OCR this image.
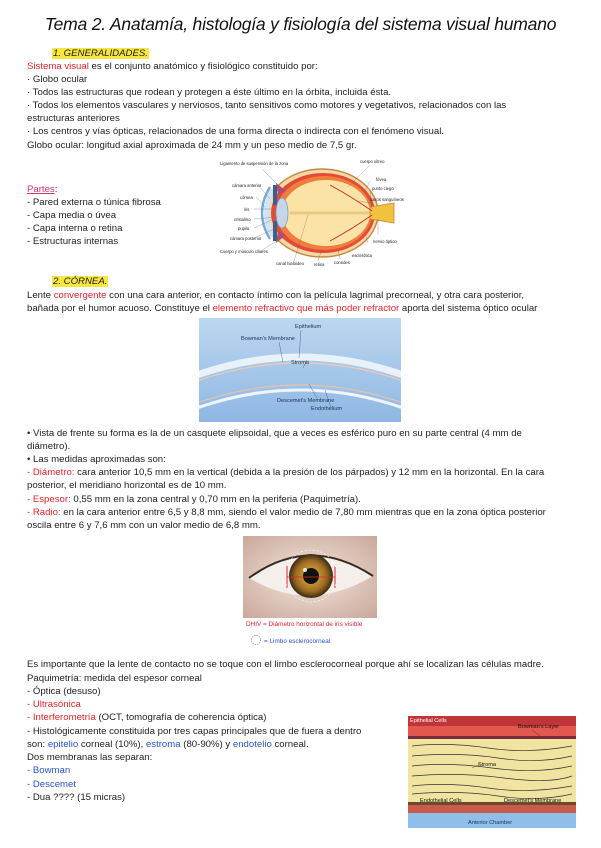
Tema 2. Anatamía, histología y fisiología del sistema visual humano
1. GENERALIDADES.
Sistema visual es el conjunto anatómico y fisiológico constituido por:
· Globo ocular
· Todos las estructuras que rodean y protegen a éste último en la órbita, incluida ésta.
· Todos los elementos vasculares y nerviosos, tanto sensitivos como motores y vegetativos, relacionados con las
estructuras anteriores
· Los centros y vías ópticas, relacionados de una forma directa o indirecta con el fenómeno visual.
Globo ocular: longitud axial aproximada de 24 mm y un peso medio de 7,5 gr.
Partes:
- Pared externa o túnica fibrosa
- Capa media o úvea
- Capa interna o retina
- Estructuras internas
Ligamento de suspensión de la zona
cámara anterior
córnea
iris
cristalino
pupila
cámara posterior
Cuerpo y músculo ciliares
canal hialoideo retina coroides
esclerótica
nervio óptico
cuerpo vítreo
fóvea
punto ciego
vasos sanguíneos
2. CÓRNEA.
Lente convergente con una cara anterior, en contacto íntimo con la película lagrimal precorneal, y otra cara posterior,
bañada por el humor acuoso. Constituye el elemento refractivo que más poder refractor aporta del sistema óptico ocular
Epithelium
Bowman's Membrane
Stroma
Descemet's Membrane
Endothelium
• Vista de frente su forma es la de un casquete elipsoidal, que a veces es esférico puro en su parte central (4 mm de
diámetro).
• Las medidas aproximadas son:
- Diámetro: cara anterior 10,5 mm en la vertical (debida a la presión de los párpados) y 12 mm en la horizontal. En la cara
posterior, el meridiano horizontal es de 10 mm.
- Espesor: 0,55 mm en la zona central y 0,70 mm en la periferia (Paquimetría).
- Radio: en la cara anterior entre 6,5 y 8,8 mm, siendo el valor medio de 7,80 mm mientras que en la zona óptica posterior
oscila entre 6 y 7,6 mm con un valor medio de 6,8 mm.
DHIV = Diámetro horizontal de iris visible
= Limbo esclerocorneal
Es importante que la lente de contacto no se toque con el limbo esclerocorneal porque ahí se localizan las células madre.
Paquimetría: medida del espesor corneal
- Óptica (desuso)
- Ultrasónica
- Interferometría (OCT, tomografía de coherencia óptica)
- Histológicamente constituida por tres capas principales que de fuera a dentro
son: epitelio corneal (10%), estroma (80-90%) y endotelio corneal.
Dos membranas las separan:
- Bowman
- Descemet
- Dua ???? (15 micras)
Epithelial Cells
Bowman's Layer
Stroma
Endothelial Cells	Descemet's Membrane
Anterior Chamber
